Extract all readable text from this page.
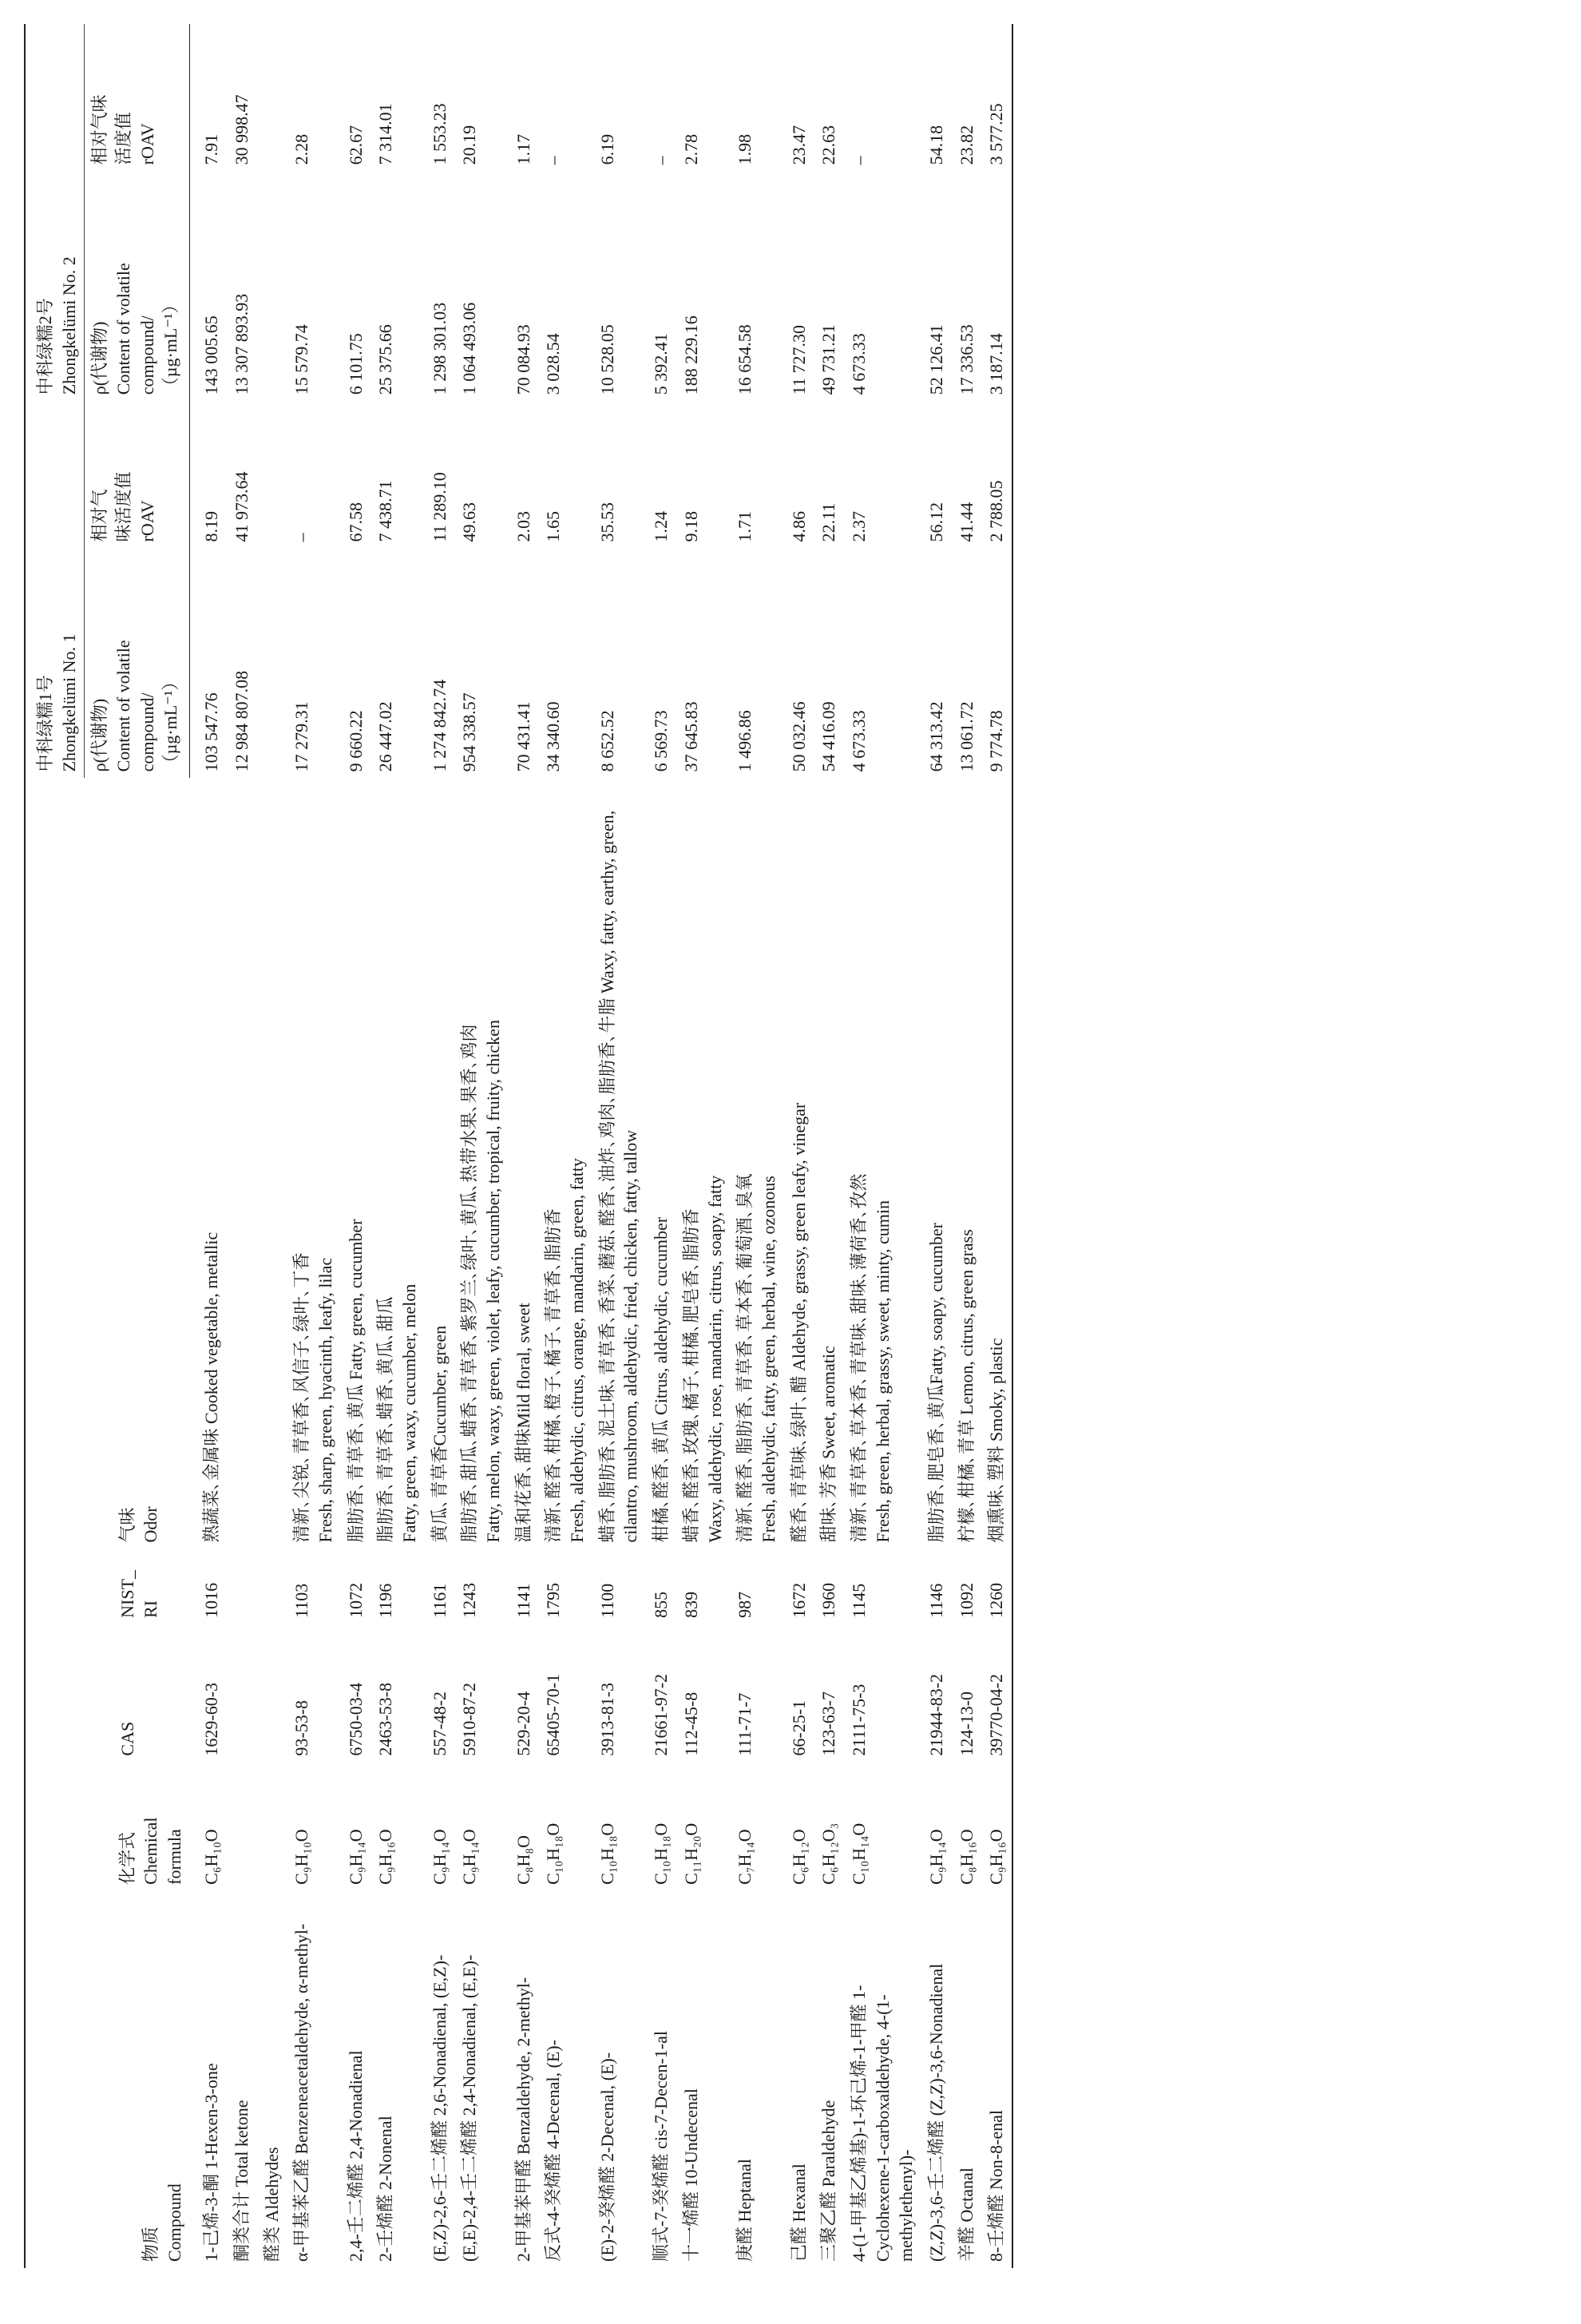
物质 Compound	化学式 Chemical formula	CAS	NIST_ RI	气味 Odor	中科绿糯1号 Zhongkelümi No. 1		中科绿糯2号 Zhongkelümi No. 2	

					ρ(代谢物) Content of volatile compound/ （µg·mL⁻¹）	相对气 味活度值 rOAV	ρ(代谢物) Content of volatile compound/ （µg·mL⁻¹）	相对气味 活度值 rOAV

1-己烯-3-酮 1-Hexen-3-one	C₆H₁₀O	1629-60-3	1016	熟蔬菜､金属味 Cooked vegetable, metallic	103 547.76	8.19	143 005.65	7.91
酮类合计 Total ketone					12 984 807.08	41 973.64	13 307 893.93	30 998.47
醛类 Aldehydes								
α-甲基苯乙醛 Benzeneacetaldehyde, α-methyl-	C₉H₁₀O	93-53-8	1103	清新､尖锐､青草香､风信子､绿叶､丁香 Fresh, sharp, green, hyacinth, leafy, lilac	17 279.31	–	15 579.74	2.28
2,4-壬二烯醛 2,4-Nonadienal	C₉H₁₄O	6750-03-4	1072	脂肪香､青草香､黄瓜 Fatty, green, cucumber	9 660.22	67.58	6 101.75	62.67
2-壬烯醛 2-Nonenal	C₉H₁₆O	2463-53-8	1196	脂肪香､青草香､蜡香､黄瓜､甜瓜 Fatty, green, waxy, cucumber, melon	26 447.02	7 438.71	25 375.66	7 314.01
(E,Z)-2,6-壬二烯醛 2,6-Nonadienal, (E,Z)-	C₉H₁₄O	557-48-2	1161	黄瓜､青草香Cucumber, green	1 274 842.74	11 289.10	1 298 301.03	1 553.23
(E,E)-2,4-壬二烯醛 2,4-Nonadienal, (E,E)-	C₉H₁₄O	5910-87-2	1243	脂肪香､甜瓜､蜡香､青草香､紫罗兰､绿叶､黄瓜､热带水果､果香､鸡肉 Fatty, melon, waxy, green, violet, leafy, cucumber, tropical, fruity, chicken	954 338.57	49.63	1 064 493.06	20.19
2-甲基苯甲醛 Benzaldehyde, 2-methyl-	C₈H₈O	529-20-4	1141	温和花香､甜味Mild floral, sweet	70 431.41	2.03	70 084.93	1.17
反式-4-癸烯醛 4-Decenal, (E)-	C₁₀H₁₈O	65405-70-1	1795	清新､醛香､柑橘､橙子､橘子､青草香､脂肪香 Fresh, aldehydic, citrus, orange, mandarin, green, fatty	34 340.60	1.65	3 028.54	–
(E)-2-癸烯醛 2-Decenal, (E)-	C₁₀H₁₈O	3913-81-3	1100	蜡香､脂肪香､泥土味､青草香､香菜､蘑菇､醛香､油炸､鸡肉､脂肪香､牛脂 Waxy, fatty, earthy, green, cilantro, mushroom, aldehydic, fried, chicken, fatty, tallow	8 652.52	35.53	10 528.05	6.19
顺式-7-癸烯醛 cis-7-Decen-1-al	C₁₀H₁₈O	21661-97-2	855	柑橘､醛香､黄瓜 Citrus, aldehydic, cucumber	6 569.73	1.24	5 392.41	–
十一烯醛 10-Undecenal	C₁₁H₂₀O	112-45-8	839	蜡香､醛香､玫瑰､橘子､柑橘､肥皂香､脂肪香 Waxy, aldehydic, rose, mandarin, citrus, soapy, fatty	37 645.83	9.18	188 229.16	2.78
庚醛 Heptanal	C₇H₁₄O	111-71-7	987	清新､醛香､脂肪香､青草香､草本香､葡萄酒､臭氧 Fresh, aldehydic, fatty, green, herbal, wine, ozonous	1 496.86	1.71	16 654.58	1.98
己醛 Hexanal	C₆H₁₂O	66-25-1	1672	醛香､青草味､绿叶､醋 Aldehyde, grassy, green leafy, vinegar	50 032.46	4.86	11 727.30	23.47
三聚乙醛 Paraldehyde	C₆H₁₂O₃	123-63-7	1960	甜味､芳香 Sweet, aromatic	54 416.09	22.11	49 731.21	22.63
4-(1-甲基乙烯基)-1-环己烯-1-甲醛 1-Cyclohexene-1-carboxaldehyde, 4-(1-methylethenyl)-	C₁₀H₁₄O	2111-75-3	1145	清新､青草香､草本香､青草味､甜味､薄荷香､孜然 Fresh, green, herbal, grassy, sweet, minty, cumin	4 673.33	2.37	4 673.33	–
(Z,Z)-3,6-壬二烯醛 (Z,Z)-3,6-Nonadienal	C₉H₁₄O	21944-83-2	1146	脂肪香､肥皂香､黄瓜Fatty, soapy, cucumber	64 313.42	56.12	52 126.41	54.18
辛醛 Octanal	C₈H₁₆O	124-13-0	1092	柠檬､柑橘､青草 Lemon, citrus, green grass	13 061.72	41.44	17 336.53	23.82
8-壬烯醛 Non-8-enal	C₉H₁₆O	39770-04-2	1260	烟熏味､塑料 Smoky, plastic	9 774.78	2 788.05	3 187.14	3 577.25
